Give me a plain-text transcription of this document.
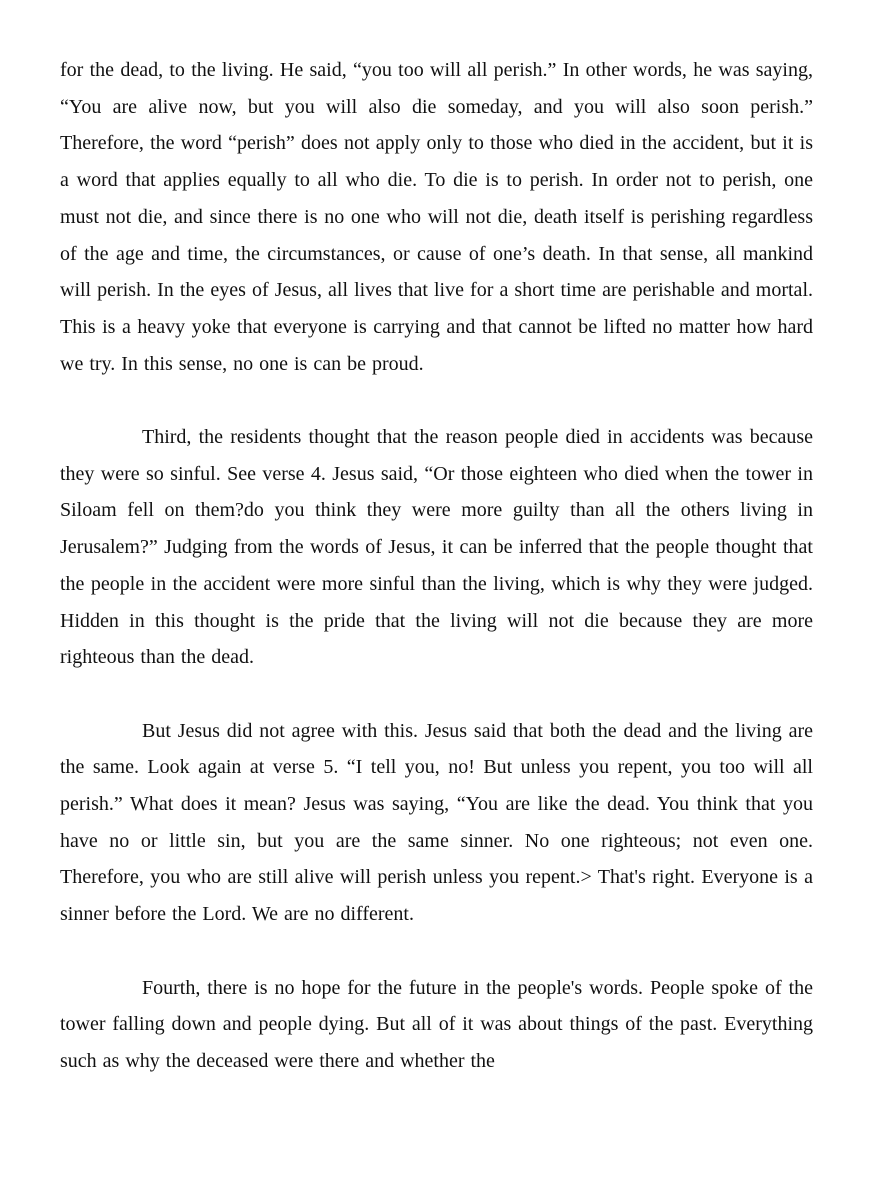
for the dead, to the living. He said, “you too will all perish.” In other words, he was saying, “You are alive now, but you will also die someday, and you will also soon perish.” Therefore, the word “perish” does not apply only to those who died in the accident, but it is a word that applies equally to all who die. To die is to perish. In order not to perish, one must not die, and since there is no one who will not die, death itself is perishing regardless of the age and time, the circumstances, or cause of one’s death. In that sense, all mankind will perish. In the eyes of Jesus, all lives that live for a short time are perishable and mortal. This is a heavy yoke that everyone is carrying and that cannot be lifted no matter how hard we try. In this sense, no one is can be proud.

Third, the residents thought that the reason people died in accidents was because they were so sinful. See verse 4. Jesus said, “Or those eighteen who died when the tower in Siloam fell on them?do you think they were more guilty than all the others living in Jerusalem?” Judging from the words of Jesus, it can be inferred that the people thought that the people in the accident were more sinful than the living, which is why they were judged. Hidden in this thought is the pride that the living will not die because they are more righteous than the dead.

But Jesus did not agree with this. Jesus said that both the dead and the living are the same. Look again at verse 5. “I tell you, no! But unless you repent, you too will all perish.” What does it mean? Jesus was saying, “You are like the dead. You think that you have no or little sin, but you are the same sinner. No one righteous; not even one. Therefore, you who are still alive will perish unless you repent.> That's right. Everyone is a sinner before the Lord. We are no different.

Fourth, there is no hope for the future in the people's words. People spoke of the tower falling down and people dying. But all of it was about things of the past. Everything such as why the deceased were there and whether the
